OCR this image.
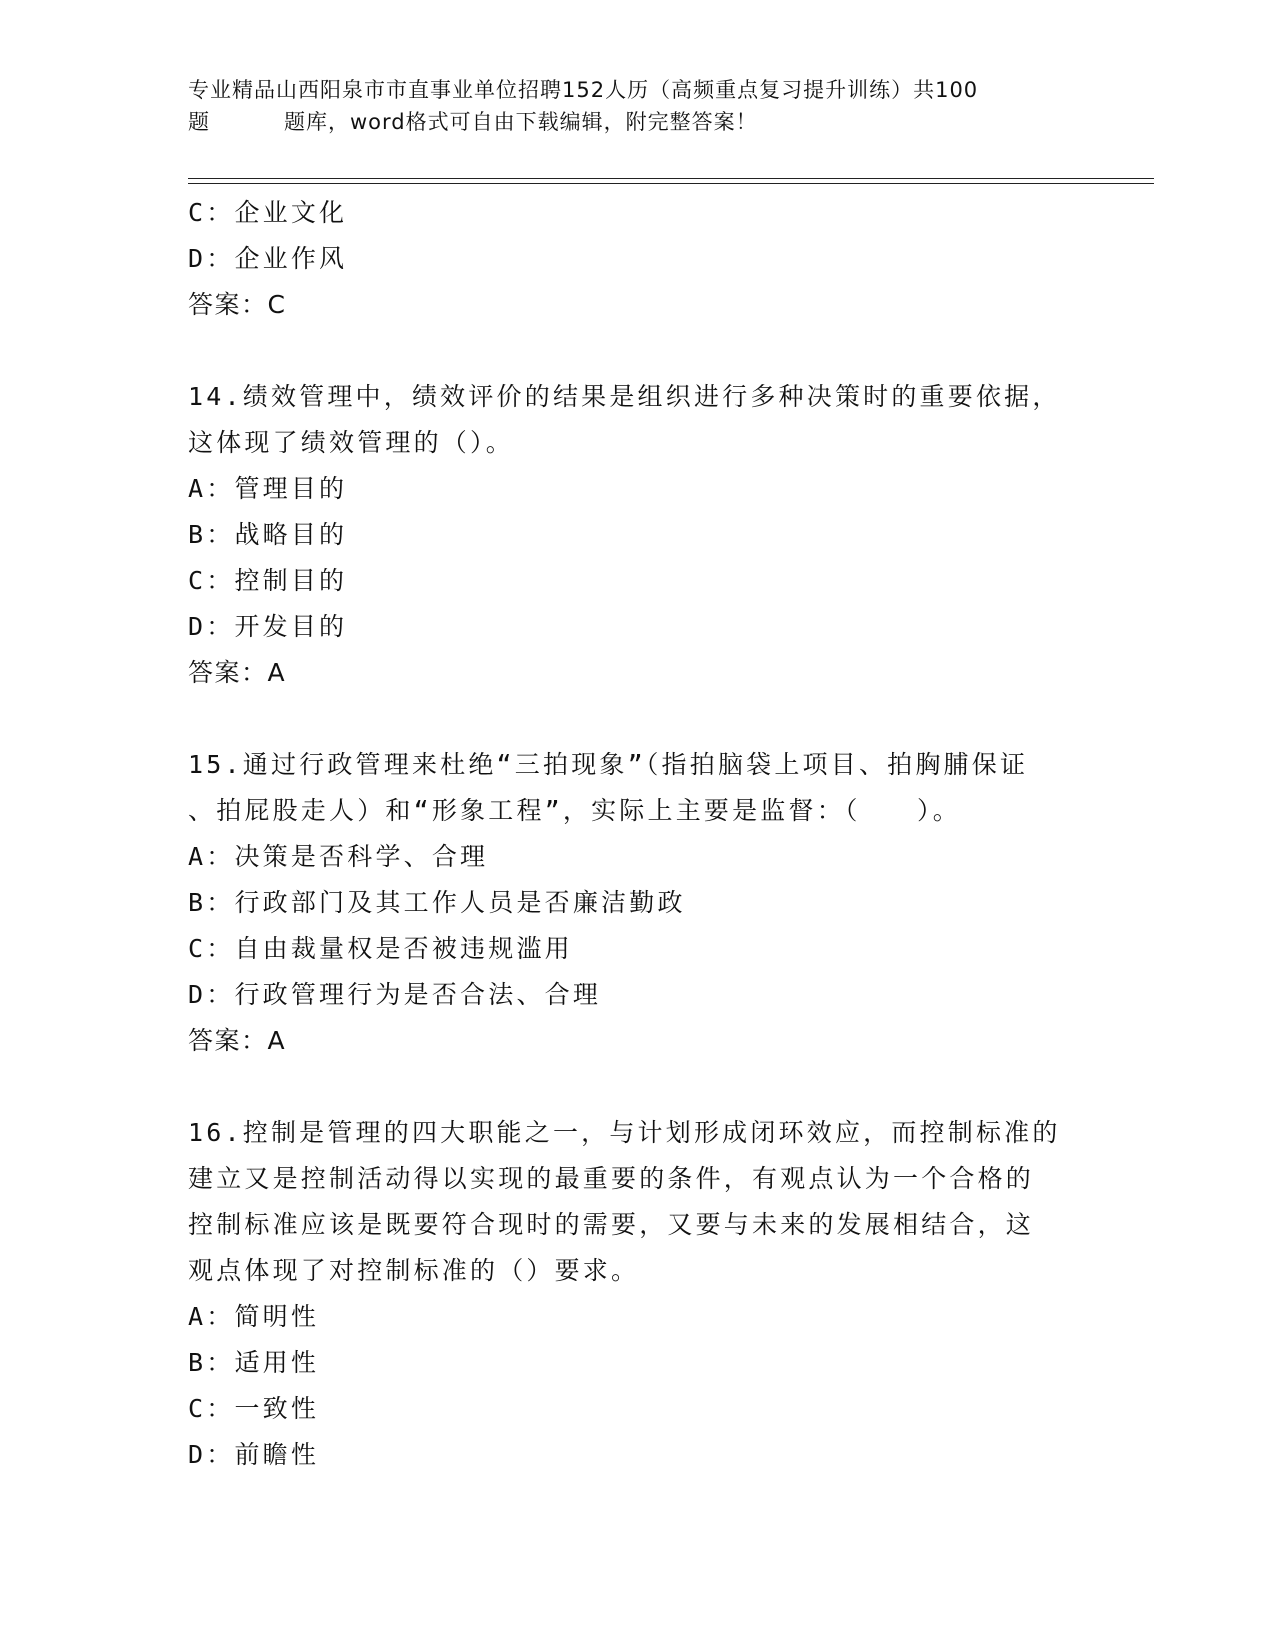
专业精品山西阳泉市市直事业单位招聘152人历（高频重点复习提升训练）共100
题	题库，word格式可自由下载编辑，附完整答案！
C：企业文化
D：企业作风
答案：C
14.绩效管理中，绩效评价的结果是组织进行多种决策时的重要依据，
这体现了绩效管理的（）。
A：管理目的
B：战略目的
C：控制目的
D：开发目的
答案：A
15.通过行政管理来杜绝“三拍现象”（指拍脑袋上项目、拍胸脯保证
、拍屁股走人）和“形象工程”，实际上主要是监督：（　　）。
A：决策是否科学、合理
B：行政部门及其工作人员是否廉洁勤政
C：自由裁量权是否被违规滥用
D：行政管理行为是否合法、合理
答案：A
16.控制是管理的四大职能之一，与计划形成闭环效应，而控制标准的
建立又是控制活动得以实现的最重要的条件，有观点认为一个合格的
控制标准应该是既要符合现时的需要，又要与未来的发展相结合，这
观点体现了对控制标准的（）要求。
A：简明性
B：适用性
C：一致性
D：前瞻性
